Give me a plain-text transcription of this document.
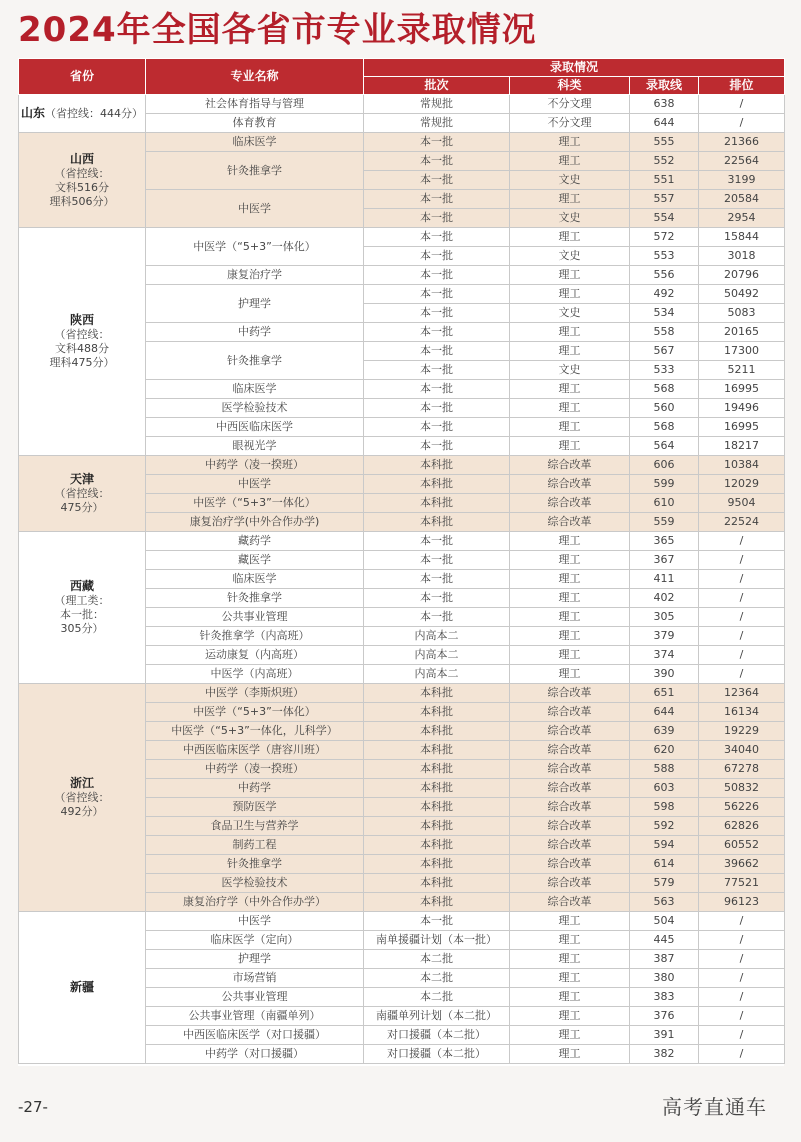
2024年全国各省市专业录取情况
省份	专业名称	录取情况			
		批次	科类	录取线	排位
山东（省控线：444分）	社会体育指导与管理	常规批	不分文理	638	/
	体育教育	常规批	不分文理	644	/
山西
（省控线：
文科516分
理科506分）	临床医学	本一批	理工	555	21366
	针灸推拿学	本一批	理工	552	22564
		本一批	文史	551	3199
	中医学	本一批	理工	557	20584
		本一批	文史	554	2954
陕西
（省控线：
文科488分
理科475分）	中医学（“5+3”一体化）	本一批	理工	572	15844
		本一批	文史	553	3018
	康复治疗学	本一批	理工	556	20796
	护理学	本一批	理工	492	50492
		本一批	文史	534	5083
	中药学	本一批	理工	558	20165
	针灸推拿学	本一批	理工	567	17300
		本一批	文史	533	5211
	临床医学	本一批	理工	568	16995
	医学检验技术	本一批	理工	560	19496
	中西医临床医学	本一批	理工	568	16995
	眼视光学	本一批	理工	564	18217
天津
（省控线：
475分）	中药学（凌一揆班）	本科批	综合改革	606	10384
	中医学	本科批	综合改革	599	12029
	中医学（“5+3”一体化）	本科批	综合改革	610	9504
	康复治疗学(中外合作办学)	本科批	综合改革	559	22524
西藏
（理工类：
本一批：
305分）	藏药学	本一批	理工	365	/
	藏医学	本一批	理工	367	/
	临床医学	本一批	理工	411	/
	针灸推拿学	本一批	理工	402	/
	公共事业管理	本一批	理工	305	/
	针灸推拿学（内高班）	内高本二	理工	379	/
	运动康复（内高班）	内高本二	理工	374	/
	中医学（内高班）	内高本二	理工	390	/
浙江
（省控线：
492分）	中医学（李斯炽班）	本科批	综合改革	651	12364
	中医学（“5+3”一体化）	本科批	综合改革	644	16134
	中医学（“5+3”一体化，儿科学）	本科批	综合改革	639	19229
	中西医临床医学（唐容川班）	本科批	综合改革	620	34040
	中药学（凌一揆班）	本科批	综合改革	588	67278
	中药学	本科批	综合改革	603	50832
	预防医学	本科批	综合改革	598	56226
	食品卫生与营养学	本科批	综合改革	592	62826
	制药工程	本科批	综合改革	594	60552
	针灸推拿学	本科批	综合改革	614	39662
	医学检验技术	本科批	综合改革	579	77521
	康复治疗学（中外合作办学）	本科批	综合改革	563	96123
新疆	中医学	本一批	理工	504	/
	临床医学（定向）	南单援疆计划（本一批）	理工	445	/
	护理学	本二批	理工	387	/
	市场营销	本二批	理工	380	/
	公共事业管理	本二批	理工	383	/
	公共事业管理（南疆单列）	南疆单列计划（本二批）	理工	376	/
	中西医临床医学（对口援疆）	对口援疆（本二批）	理工	391	/
	中药学（对口援疆）	对口援疆（本二批）	理工	382	/
-27-	高考直通车
